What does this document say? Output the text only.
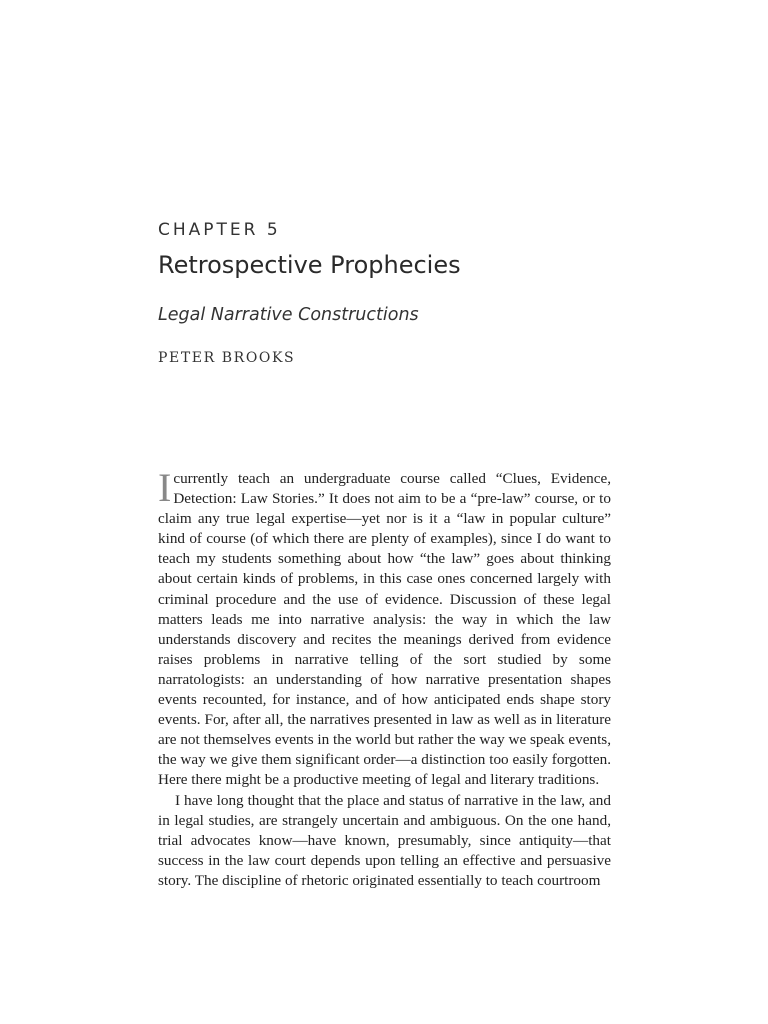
CHAPTER 5
Retrospective Prophecies
Legal Narrative Constructions
PETER BROOKS

Icurrently teach an undergraduate course called “Clues, Evidence, Detection: Law Stories.” It does not aim to be a “pre-law” course, or to claim any true legal expertise—yet nor is it a “law in popular culture” kind of course (of which there are plenty of examples), since I do want to teach my students something about how “the law” goes about thinking about certain kinds of problems, in this case ones concerned largely with criminal procedure and the use of evidence. Discussion of these legal matters leads me into narrative analysis: the way in which the law understands discovery and recites the meanings derived from evidence raises problems in narrative telling of the sort studied by some narratologists: an understanding of how narrative presentation shapes events recounted, for instance, and of how anticipated ends shape story events. For, after all, the narratives presented in law as well as in literature are not themselves events in the world but rather the way we speak events, the way we give them significant order—a distinction too easily forgotten. Here there might be a productive meeting of legal and literary traditions.

I have long thought that the place and status of narrative in the law, and in legal studies, are strangely uncertain and ambiguous. On the one hand, trial advocates know—have known, presumably, since antiquity—that success in the law court depends upon telling an effective and persuasive story. The discipline of rhetoric originated essentially to teach courtroom
